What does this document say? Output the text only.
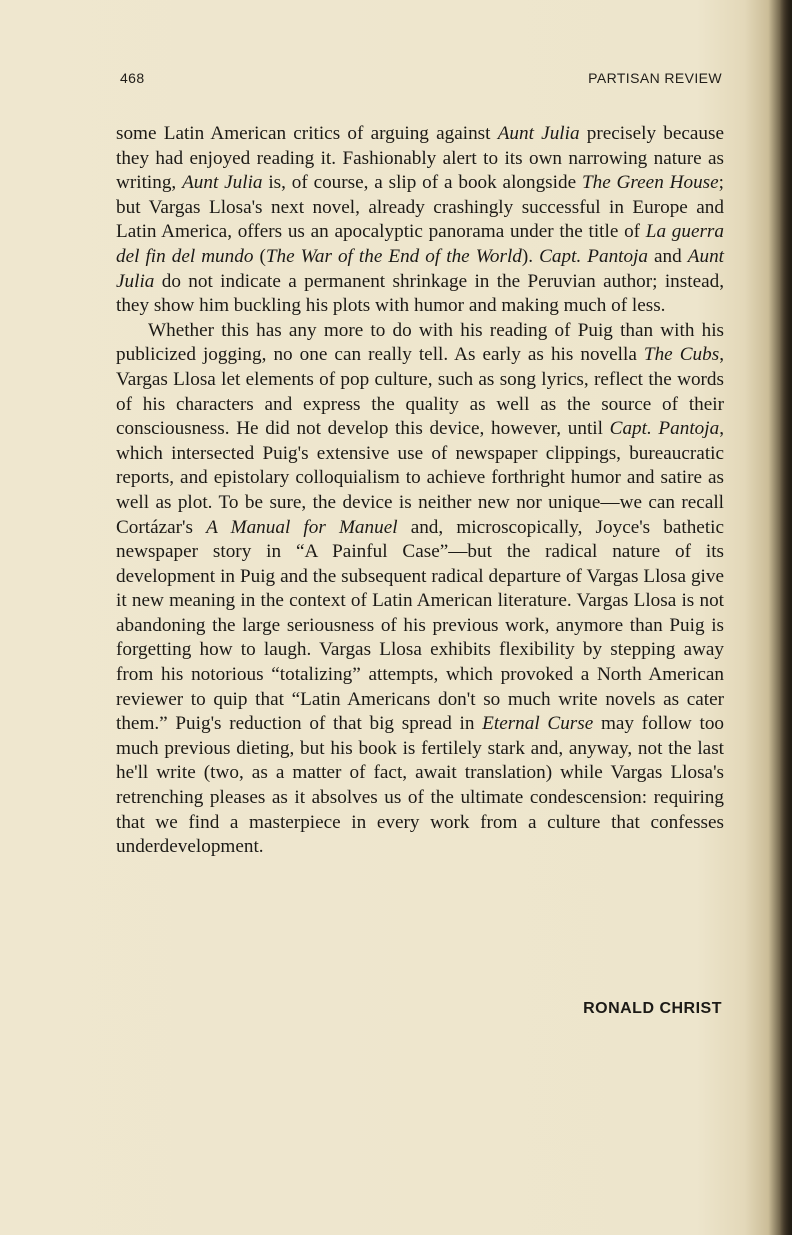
468	PARTISAN REVIEW

some Latin American critics of arguing against Aunt Julia precisely because they had enjoyed reading it. Fashionably alert to its own narrowing nature as writing, Aunt Julia is, of course, a slip of a book alongside The Green House; but Vargas Llosa's next novel, already crashingly successful in Europe and Latin America, offers us an apocalyptic panorama under the title of La guerra del fin del mundo (The War of the End of the World). Capt. Pantoja and Aunt Julia do not indicate a permanent shrinkage in the Peruvian author; instead, they show him buckling his plots with humor and making much of less.

Whether this has any more to do with his reading of Puig than with his publicized jogging, no one can really tell. As early as his novella The Cubs, Vargas Llosa let elements of pop culture, such as song lyrics, reflect the words of his characters and express the quality as well as the source of their consciousness. He did not develop this device, however, until Capt. Pantoja, which intersected Puig's extensive use of newspaper clippings, bureaucratic reports, and epistolary colloquialism to achieve forthright humor and satire as well as plot. To be sure, the device is neither new nor unique—we can recall Cortázar's A Manual for Manuel and, microscopically, Joyce's bathetic newspaper story in “A Painful Case”—but the radical nature of its development in Puig and the subsequent radical departure of Vargas Llosa give it new meaning in the context of Latin American literature. Vargas Llosa is not abandoning the large seriousness of his previous work, anymore than Puig is forgetting how to laugh. Vargas Llosa exhibits flexibility by stepping away from his notorious “totalizing” attempts, which provoked a North American reviewer to quip that “Latin Americans don't so much write novels as cater them.” Puig's reduction of that big spread in Eternal Curse may follow too much previous dieting, but his book is fertilely stark and, anyway, not the last he'll write (two, as a matter of fact, await translation) while Vargas Llosa's retrenching pleases as it absolves us of the ultimate condescension: requiring that we find a masterpiece in every work from a culture that confesses underdevelopment.

RONALD CHRIST
